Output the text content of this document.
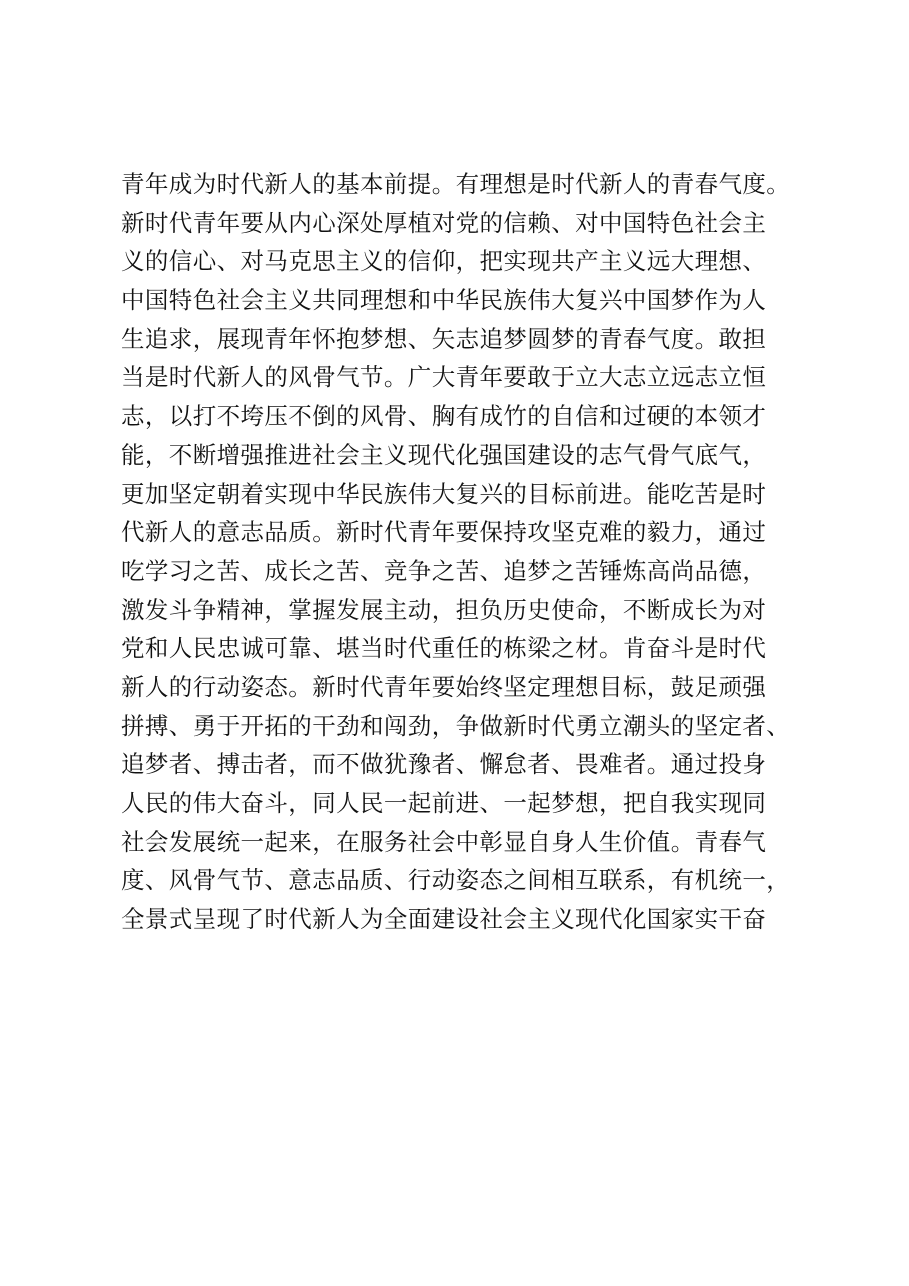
青年成为时代新人的基本前提。有理想是时代新人的青春气度。
新时代青年要从内心深处厚植对党的信赖、对中国特色社会主
义的信心、对马克思主义的信仰，把实现共产主义远大理想、
中国特色社会主义共同理想和中华民族伟大复兴中国梦作为人
生追求，展现青年怀抱梦想、矢志追梦圆梦的青春气度。敢担
当是时代新人的风骨气节。广大青年要敢于立大志立远志立恒
志，以打不垮压不倒的风骨、胸有成竹的自信和过硬的本领才
能，不断增强推进社会主义现代化强国建设的志气骨气底气，
更加坚定朝着实现中华民族伟大复兴的目标前进。能吃苦是时
代新人的意志品质。新时代青年要保持攻坚克难的毅力，通过
吃学习之苦、成长之苦、竞争之苦、追梦之苦锤炼高尚品德，
激发斗争精神，掌握发展主动，担负历史使命，不断成长为对
党和人民忠诚可靠、堪当时代重任的栋梁之材。肯奋斗是时代
新人的行动姿态。新时代青年要始终坚定理想目标，鼓足顽强
拼搏、勇于开拓的干劲和闯劲，争做新时代勇立潮头的坚定者、
追梦者、搏击者，而不做犹豫者、懈怠者、畏难者。通过投身
人民的伟大奋斗，同人民一起前进、一起梦想，把自我实现同
社会发展统一起来，在服务社会中彰显自身人生价值。青春气
度、风骨气节、意志品质、行动姿态之间相互联系，有机统一，
全景式呈现了时代新人为全面建设社会主义现代化国家实干奋
